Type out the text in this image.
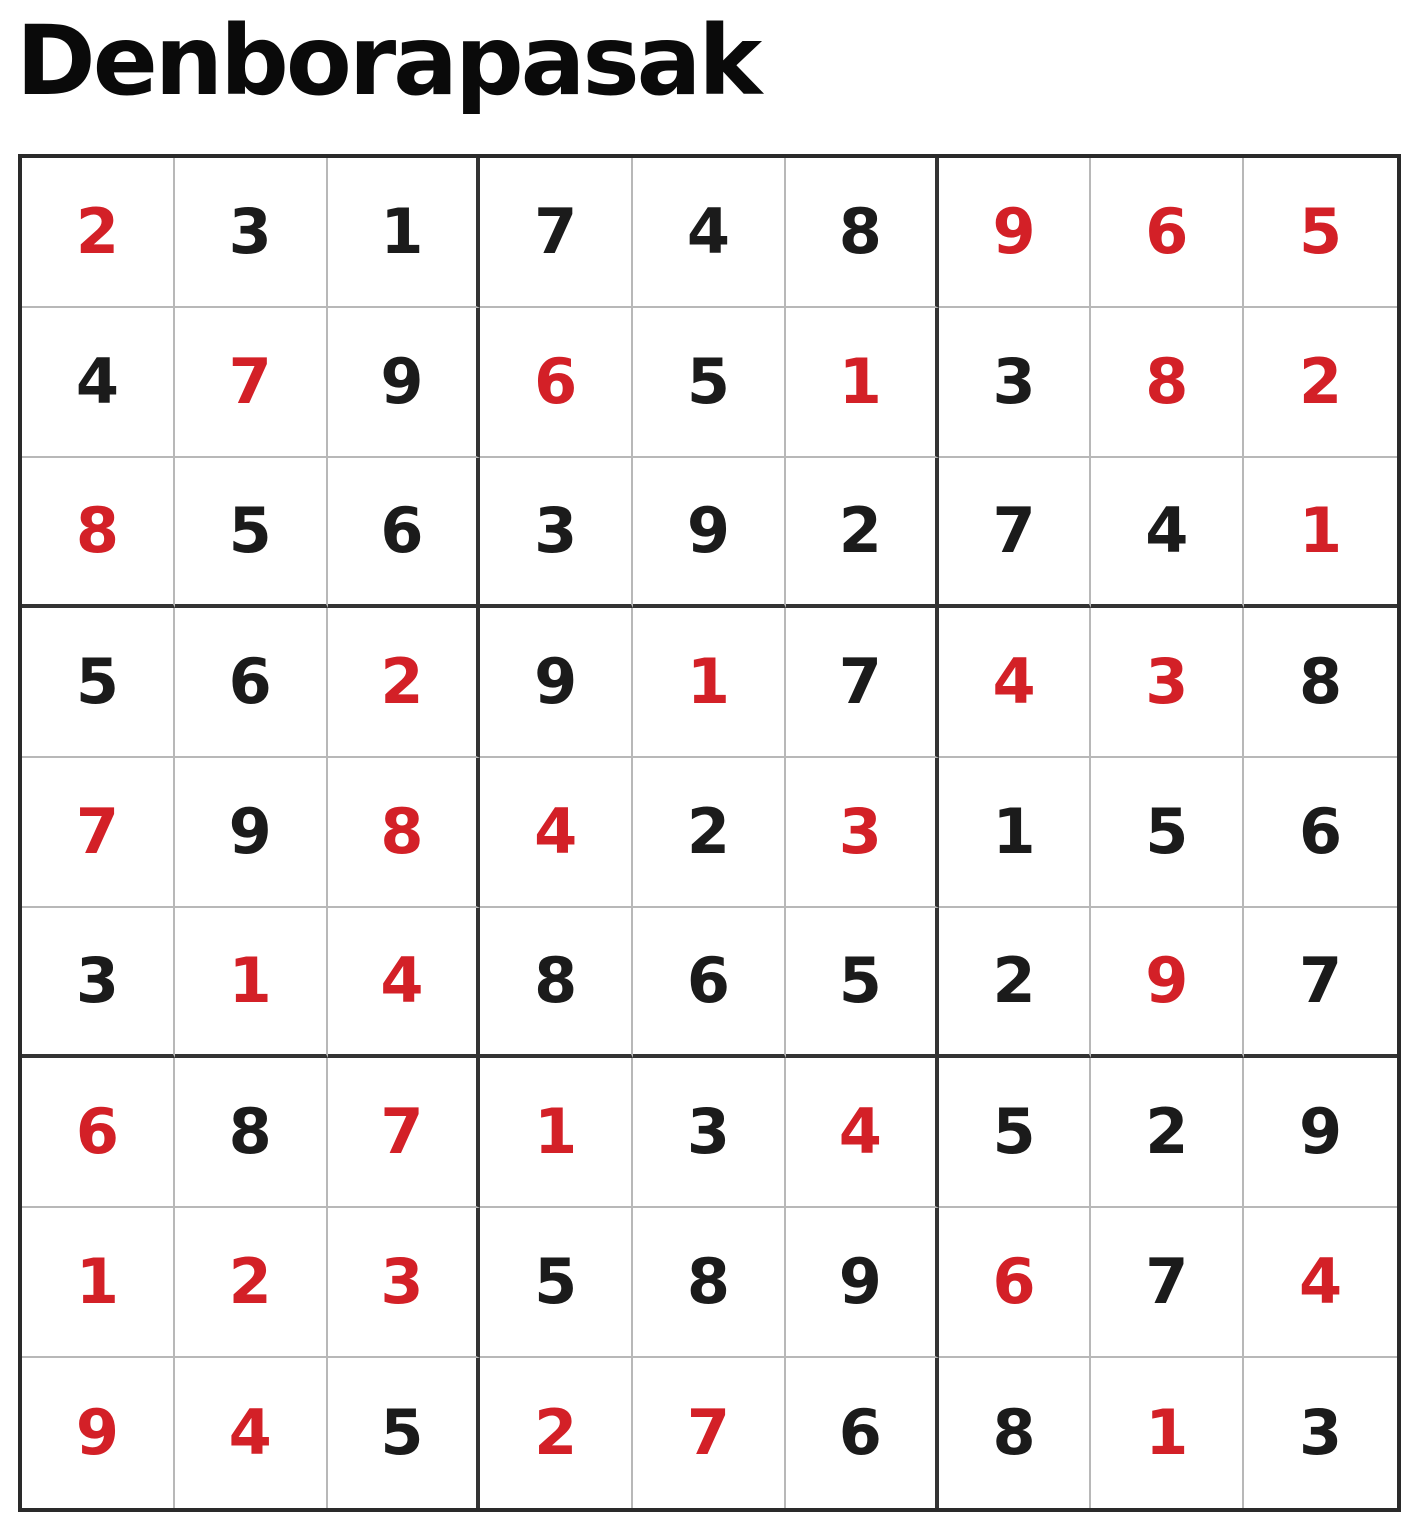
Denborapasak
2	3	1	7	4	8	9	6	5
4	7	9	6	5	1	3	8	2
8	5	6	3	9	2	7	4	1
5	6	2	9	1	7	4	3	8
7	9	8	4	2	3	1	5	6
3	1	4	8	6	5	2	9	7
6	8	7	1	3	4	5	2	9
1	2	3	5	8	9	6	7	4
9	4	5	2	7	6	8	1	3
